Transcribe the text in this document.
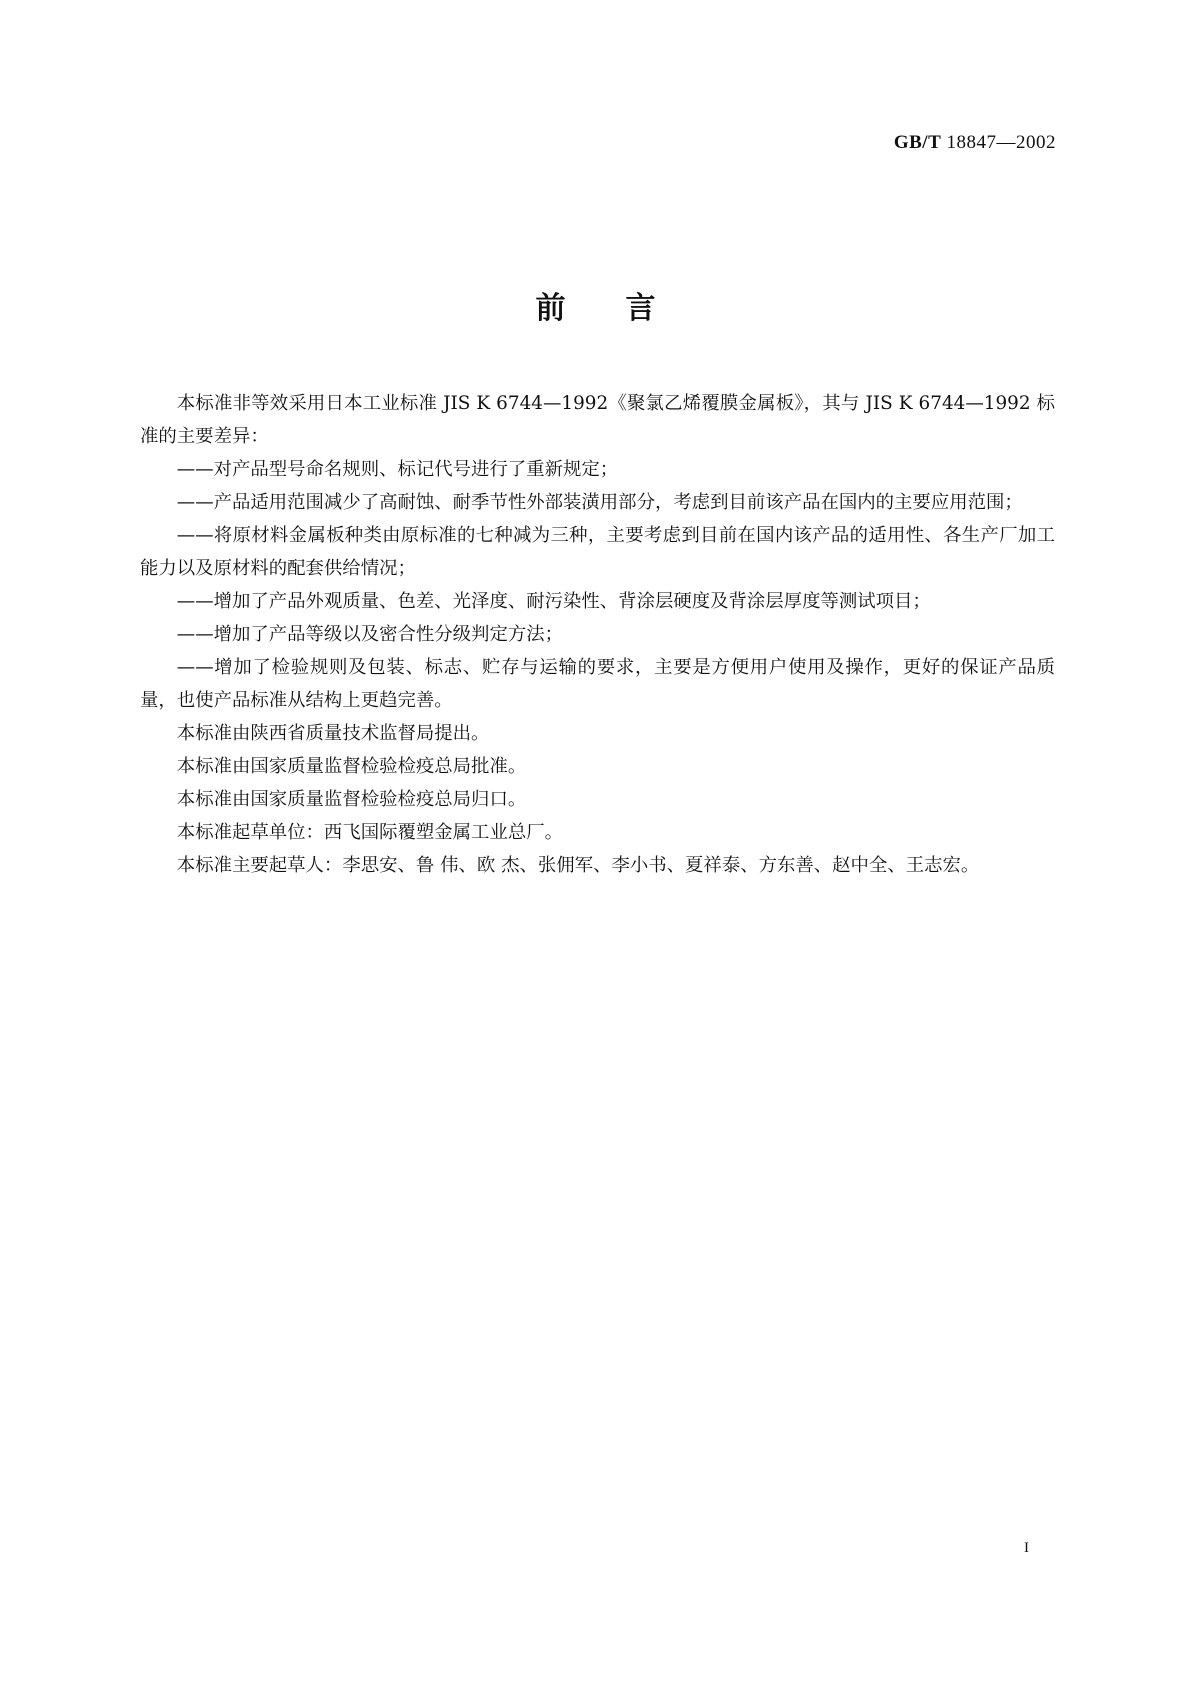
GB/T 18847—2002
前言

本标准非等效采用日本工业标准 JIS K 6744—1992《聚氯乙烯覆膜金属板》，其与 JIS K 6744—1992 标准的主要差异：

——对产品型号命名规则、标记代号进行了重新规定；

——产品适用范围减少了高耐蚀、耐季节性外部装潢用部分，考虑到目前该产品在国内的主要应用范围；

——将原材料金属板种类由原标准的七种减为三种，主要考虑到目前在国内该产品的适用性、各生产厂加工能力以及原材料的配套供给情况；

——增加了产品外观质量、色差、光泽度、耐污染性、背涂层硬度及背涂层厚度等测试项目；

——增加了产品等级以及密合性分级判定方法；

——增加了检验规则及包装、标志、贮存与运输的要求，主要是方便用户使用及操作，更好的保证产品质量，也使产品标准从结构上更趋完善。

本标准由陕西省质量技术监督局提出。

本标准由国家质量监督检验检疫总局批准。

本标准由国家质量监督检验检疫总局归口。

本标准起草单位：西飞国际覆塑金属工业总厂。

本标准主要起草人：李思安、鲁 伟、欧 杰、张佣军、李小书、夏祥泰、方东善、赵中全、王志宏。

I
